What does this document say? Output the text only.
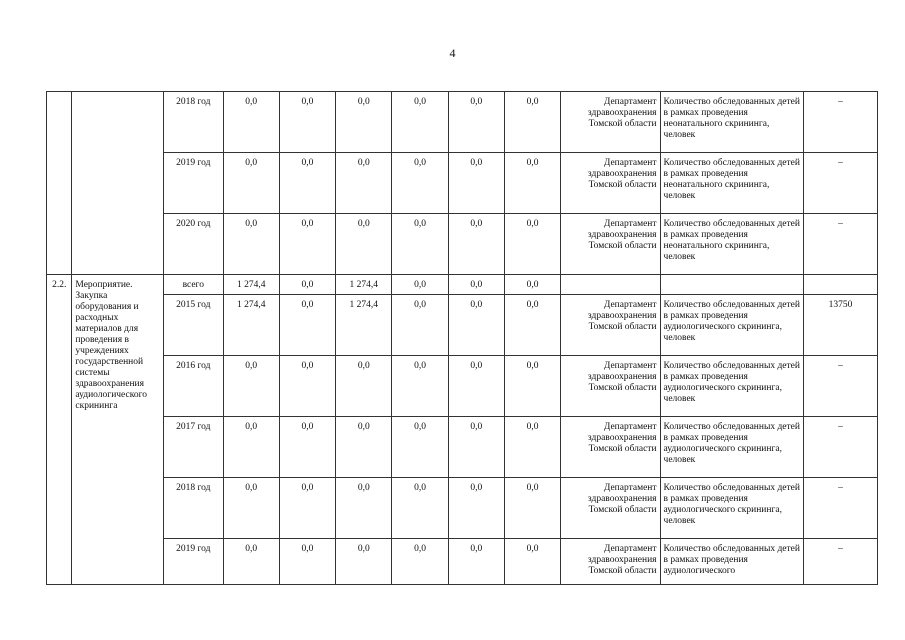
4
		2018 год	0,0	0,0	0,0	0,0	0,0	0,0	Департамент здравоохранения Томской области	Количество обследованных детей в рамках проведения неонатального скрининга, человек	–
		2019 год	0,0	0,0	0,0	0,0	0,0	0,0	Департамент здравоохранения Томской области	Количество обследованных детей в рамках проведения неонатального скрининга, человек	–
		2020 год	0,0	0,0	0,0	0,0	0,0	0,0	Департамент здравоохранения Томской области	Количество обследованных детей в рамках проведения неонатального скрининга, человек	–
2.2.	Мероприятие. Закупка оборудования и расходных материалов для проведения в учреждениях государственной системы здравоохранения аудиологического скрининга	всего	1 274,4	0,0	1 274,4	0,0	0,0	0,0			
		2015 год	1 274,4	0,0	1 274,4	0,0	0,0	0,0	Департамент здравоохранения Томской области	Количество обследованных детей в рамках проведения аудиологического скрининга, человек	13750
		2016 год	0,0	0,0	0,0	0,0	0,0	0,0	Департамент здравоохранения Томской области	Количество обследованных детей в рамках проведения аудиологического скрининга, человек	–
		2017 год	0,0	0,0	0,0	0,0	0,0	0,0	Департамент здравоохранения Томской области	Количество обследованных детей в рамках проведения аудиологического скрининга, человек	–
		2018 год	0,0	0,0	0,0	0,0	0,0	0,0	Департамент здравоохранения Томской области	Количество обследованных детей в рамках проведения аудиологического скрининга, человек	–
		2019 год	0,0	0,0	0,0	0,0	0,0	0,0	Департамент здравоохранения Томской области	Количество обследованных детей в рамках проведения аудиологического	–
